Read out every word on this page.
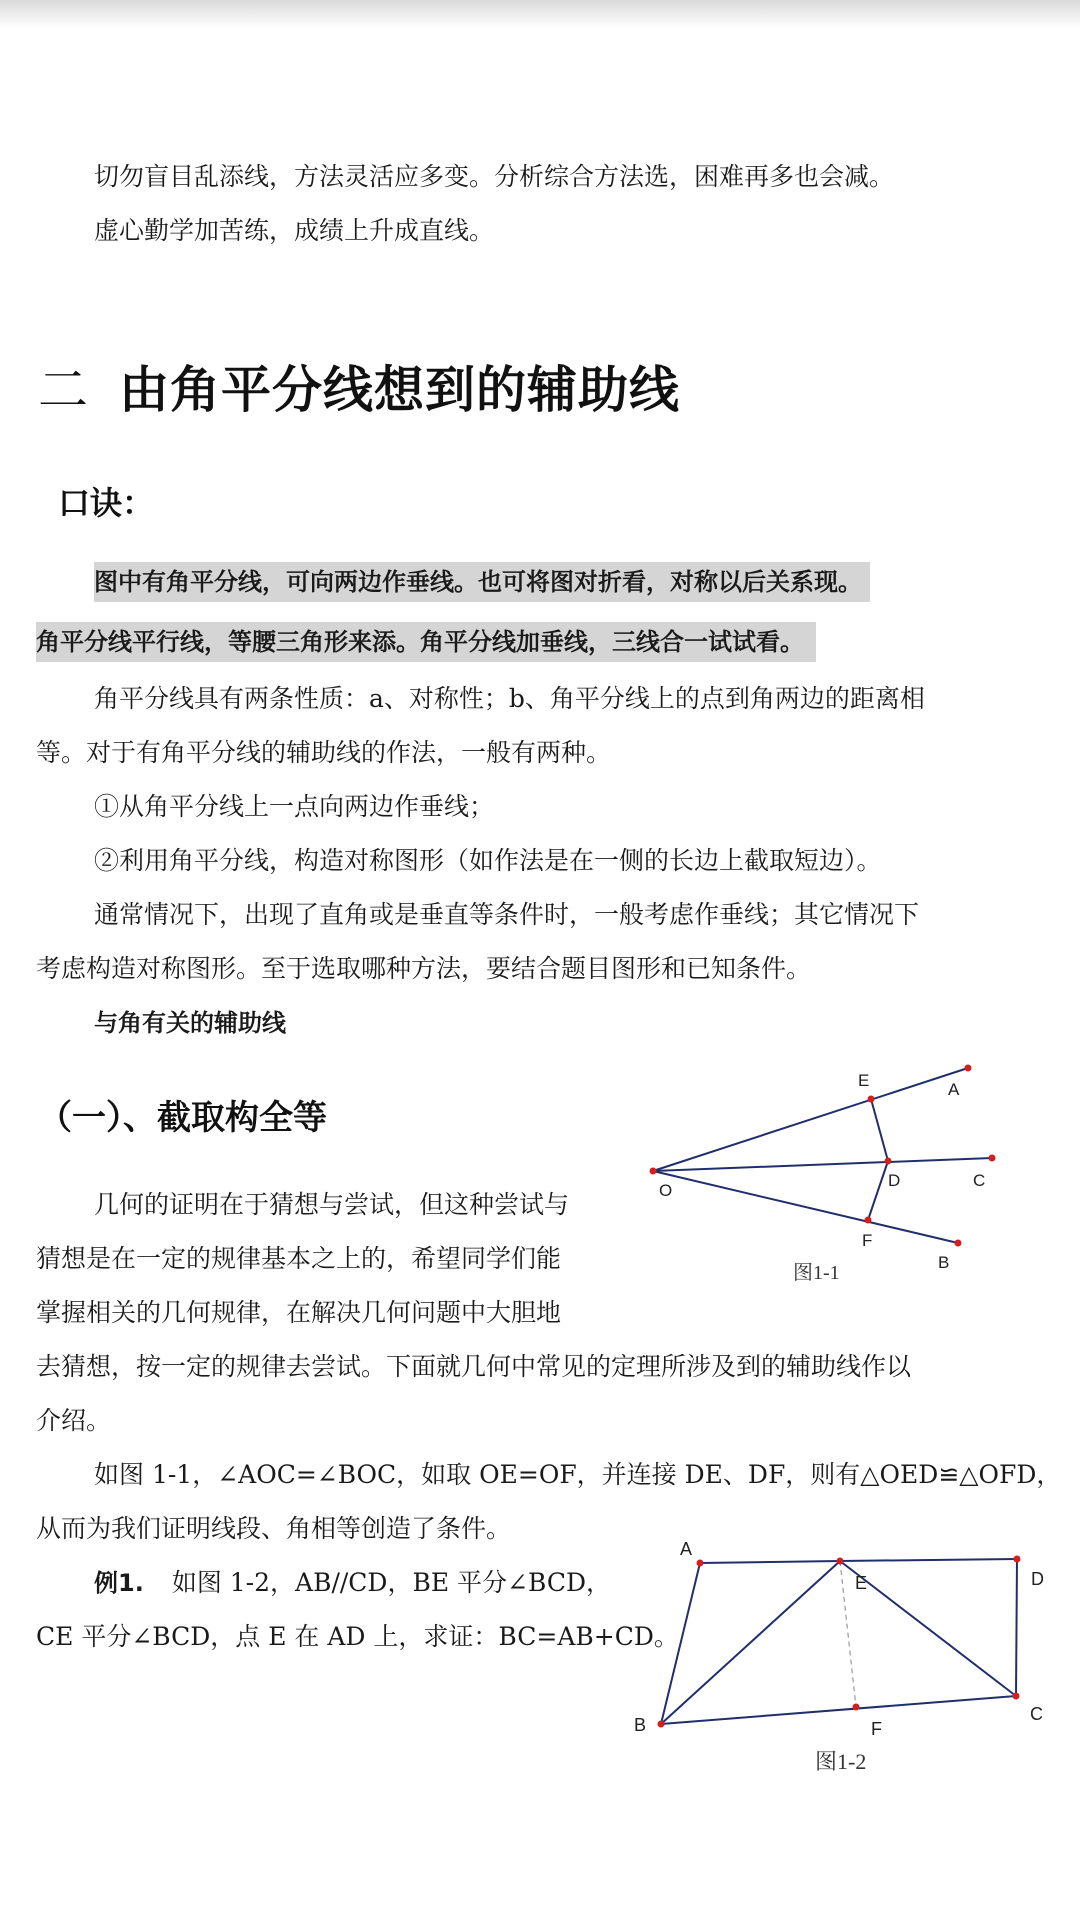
切勿盲目乱添线，方法灵活应多变。分析综合方法选，困难再多也会减。
虚心勤学加苦练，成绩上升成直线。
二 由角平分线想到的辅助线
口诀：
图中有角平分线，可向两边作垂线。也可将图对折看，对称以后关系现。
角平分线平行线，等腰三角形来添。角平分线加垂线，三线合一试试看。
角平分线具有两条性质：a、对称性；b、角平分线上的点到角两边的距离相
等。对于有角平分线的辅助线的作法，一般有两种。
①从角平分线上一点向两边作垂线；
②利用角平分线，构造对称图形（如作法是在一侧的长边上截取短边）。
通常情况下，出现了直角或是垂直等条件时，一般考虑作垂线；其它情况下
考虑构造对称图形。至于选取哪种方法，要结合题目图形和已知条件。
与角有关的辅助线
（一）、截取构全等
几何的证明在于猜想与尝试，但这种尝试与
猜想是在一定的规律基本之上的，希望同学们能
掌握相关的几何规律，在解决几何问题中大胆地
去猜想，按一定的规律去尝试。下面就几何中常见的定理所涉及到的辅助线作以
介绍。
如图 1-1，∠AOC=∠BOC，如取 OE=OF，并连接 DE、DF，则有△OED≌△OFD，
从而为我们证明线段、角相等创造了条件。
例1. 如图 1-2，AB//CD，BE 平分∠BCD，
CE 平分∠BCD，点 E 在 AD 上，求证：BC=AB+CD。
O
E	A
D	C
F
B
图1-1
A
E	D
B	F
C
图1-2
